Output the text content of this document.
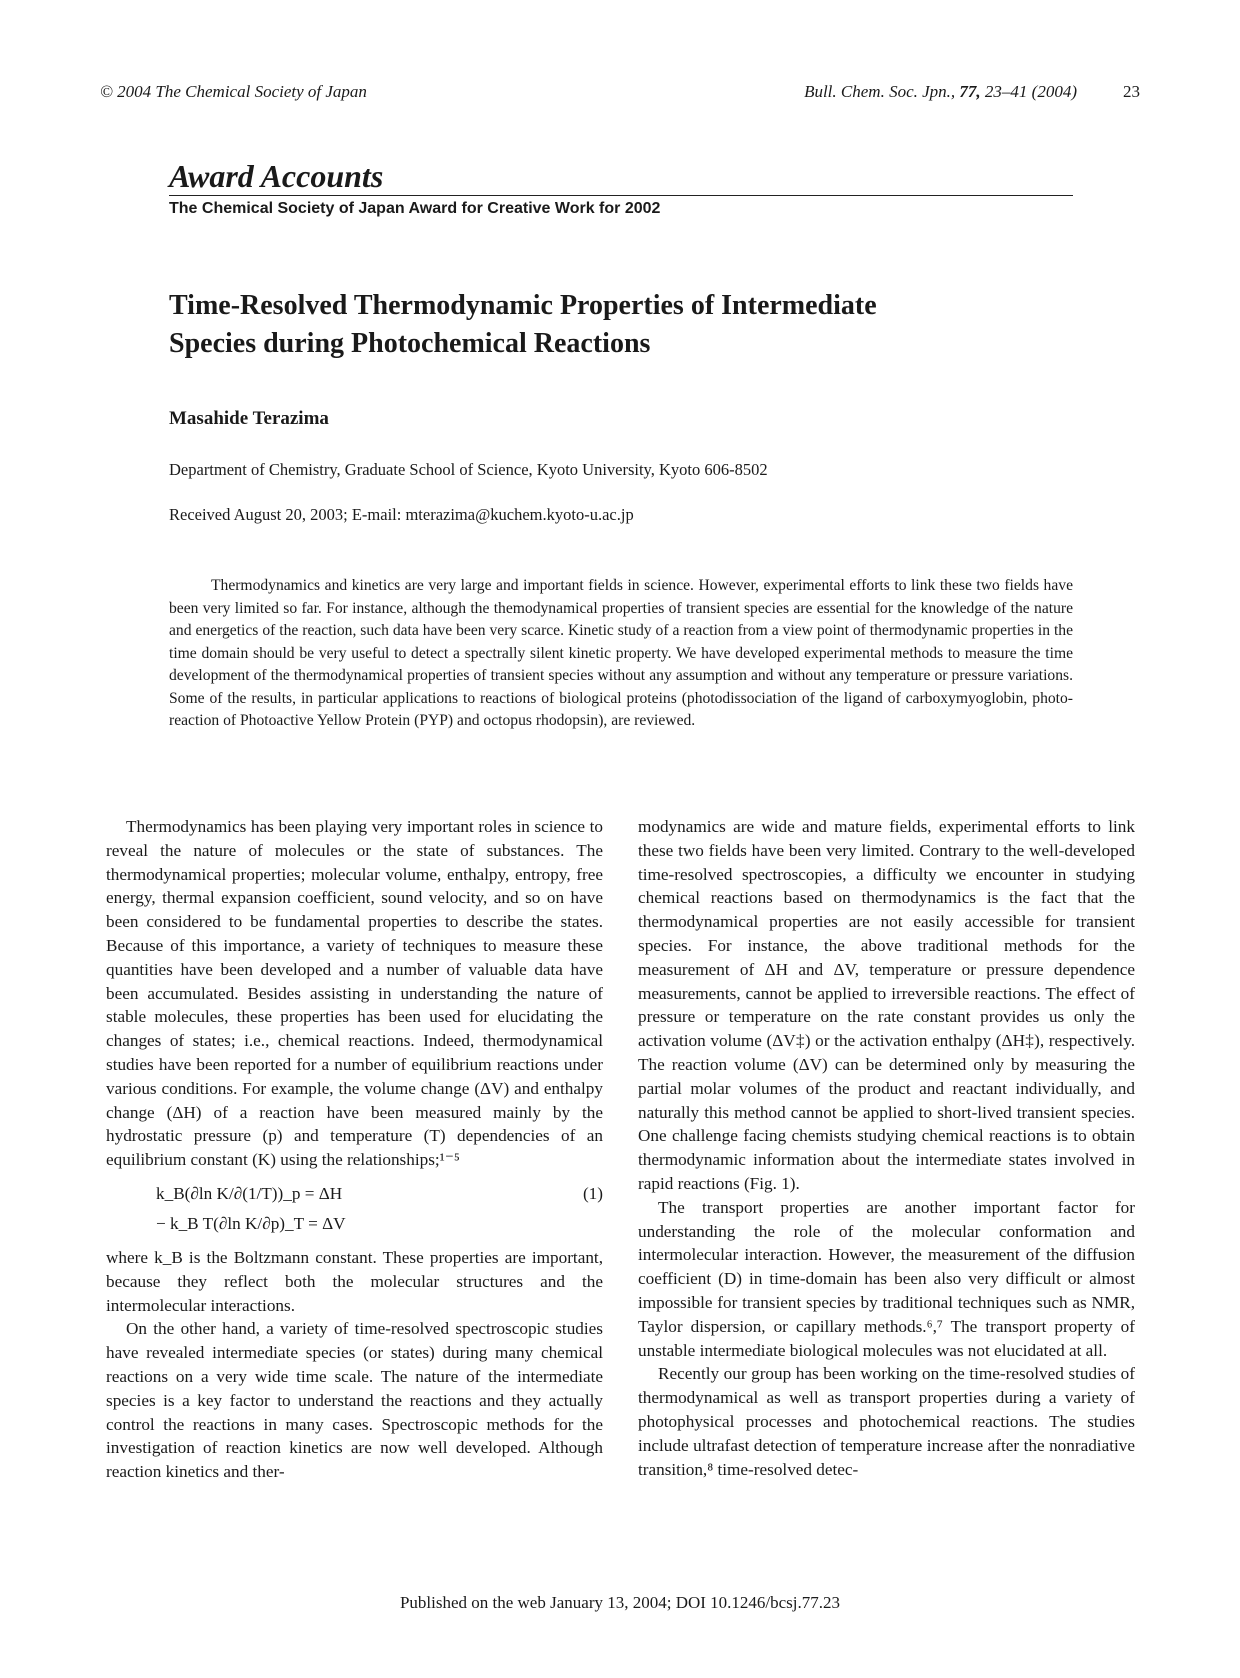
© 2004 The Chemical Society of Japan	Bull. Chem. Soc. Jpn., 77, 23–41 (2004)	23
Award Accounts
The Chemical Society of Japan Award for Creative Work for 2002
Time-Resolved Thermodynamic Properties of Intermediate
Species during Photochemical Reactions
Masahide Terazima
Department of Chemistry, Graduate School of Science, Kyoto University, Kyoto 606-8502
Received August 20, 2003; E-mail: mterazima@kuchem.kyoto-u.ac.jp
Thermodynamics and kinetics are very large and important fields in science. However, experimental efforts to link these two fields have been very limited so far. For instance, although the themodynamical properties of transient species are essential for the knowledge of the nature and energetics of the reaction, such data have been very scarce. Kinetic study of a reaction from a view point of thermodynamic properties in the time domain should be very useful to detect a spectrally silent kinetic property. We have developed experimental methods to measure the time development of the thermodynamical properties of transient species without any assumption and without any temperature or pressure variations. Some of the results, in particular applications to reactions of biological proteins (photodissociation of the ligand of carboxymyoglobin, photo-reaction of Photoactive Yellow Protein (PYP) and octopus rhodopsin), are reviewed.

Thermodynamics has been playing very important roles in science to reveal the nature of molecules or the state of substances. The thermodynamical properties; molecular volume, enthalpy, entropy, free energy, thermal expansion coefficient, sound velocity, and so on have been considered to be fundamental properties to describe the states. Because of this importance, a variety of techniques to measure these quantities have been developed and a number of valuable data have been accumulated. Besides assisting in understanding the nature of stable molecules, these properties has been used for elucidating the changes of states; i.e., chemical reactions. Indeed, thermodynamical studies have been reported for a number of equilibrium reactions under various conditions. For example, the volume change (ΔV) and enthalpy change (ΔH) of a reaction have been measured mainly by the hydrostatic pressure (p) and temperature (T) dependencies of an equilibrium constant (K) using the relationships;¹⁻⁵

k_B(∂ln K/∂(1/T))_p = ΔH	(1)
− k_B T(∂ln K/∂p)_T = ΔV

where k_B is the Boltzmann constant. These properties are important, because they reflect both the molecular structures and the intermolecular interactions.

On the other hand, a variety of time-resolved spectroscopic studies have revealed intermediate species (or states) during many chemical reactions on a very wide time scale. The nature of the intermediate species is a key factor to understand the reactions and they actually control the reactions in many cases. Spectroscopic methods for the investigation of reaction kinetics are now well developed. Although reaction kinetics and ther-

modynamics are wide and mature fields, experimental efforts to link these two fields have been very limited. Contrary to the well-developed time-resolved spectroscopies, a difficulty we encounter in studying chemical reactions based on thermodynamics is the fact that the thermodynamical properties are not easily accessible for transient species. For instance, the above traditional methods for the measurement of ΔH and ΔV, temperature or pressure dependence measurements, cannot be applied to irreversible reactions. The effect of pressure or temperature on the rate constant provides us only the activation volume (ΔV‡) or the activation enthalpy (ΔH‡), respectively. The reaction volume (ΔV) can be determined only by measuring the partial molar volumes of the product and reactant individually, and naturally this method cannot be applied to short-lived transient species. One challenge facing chemists studying chemical reactions is to obtain thermodynamic information about the intermediate states involved in rapid reactions (Fig. 1).

The transport properties are another important factor for understanding the role of the molecular conformation and intermolecular interaction. However, the measurement of the diffusion coefficient (D) in time-domain has been also very difficult or almost impossible for transient species by traditional techniques such as NMR, Taylor dispersion, or capillary methods.⁶,⁷ The transport property of unstable intermediate biological molecules was not elucidated at all.

Recently our group has been working on the time-resolved studies of thermodynamical as well as transport properties during a variety of photophysical processes and photochemical reactions. The studies include ultrafast detection of temperature increase after the nonradiative transition,⁸ time-resolved detec-

Published on the web January 13, 2004; DOI 10.1246/bcsj.77.23
